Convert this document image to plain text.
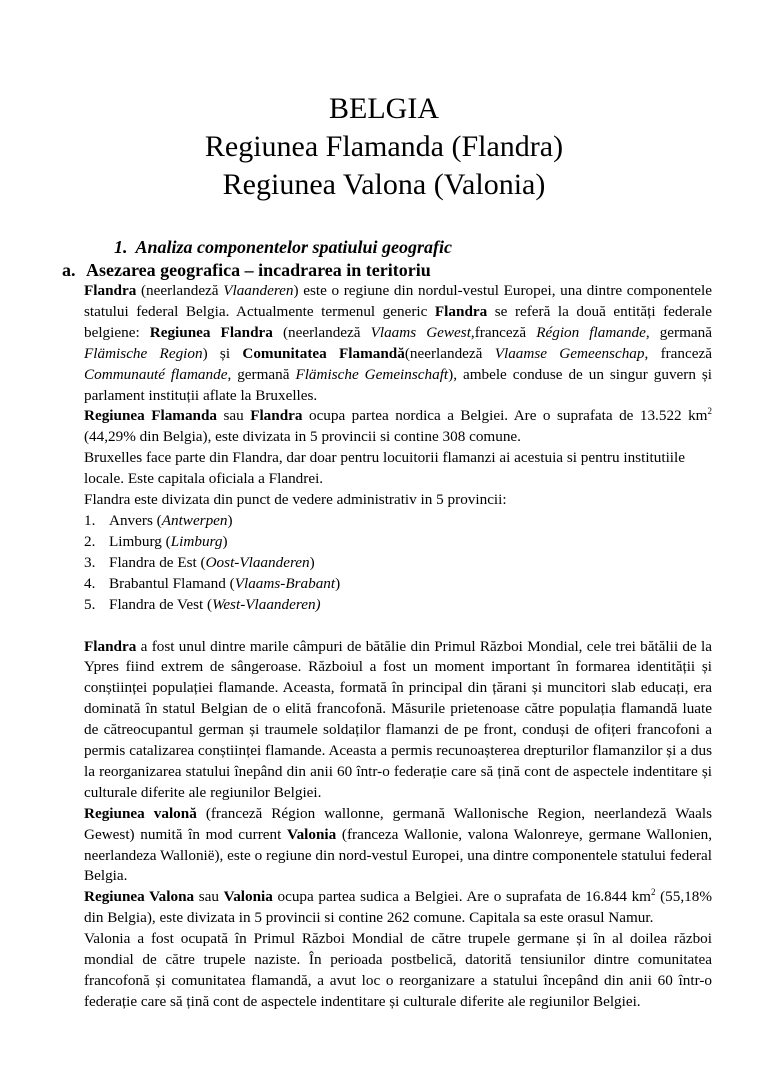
BELGIA
Regiunea Flamanda (Flandra)
Regiunea Valona (Valonia)
1. Analiza componentelor spatiului geografic
a. Asezarea geografica – incadrarea in teritoriu

Flandra (neerlandeză Vlaanderen) este o regiune din nordul-vestul Europei, una dintre componentele statului federal Belgia. Actualmente termenul generic Flandra se referă la două entități federale belgiene: Regiunea Flandra (neerlandeză Vlaams Gewest,franceză Région flamande, germană Flämische Region) și Comunitatea Flamandă(neerlandeză Vlaamse Gemeenschap, franceză Communauté flamande, germană Flämische Gemeinschaft), ambele conduse de un singur guvern și parlament instituții aflate la Bruxelles.

Regiunea Flamanda sau Flandra ocupa partea nordica a Belgiei. Are o suprafata de 13.522 $km^2$ (44,29% din Belgia), este divizata in 5 provincii si contine 308 comune.

Bruxelles face parte din Flandra, dar doar pentru locuitorii flamanzi ai acestuia si pentru institutiile locale. Este capitala oficiala a Flandrei.

Flandra este divizata din punct de vedere administrativ in 5 provincii:

1. Anvers (Antwerpen)
2. Limburg (Limburg)
3. Flandra de Est (Oost-Vlaanderen)
4. Brabantul Flamand (Vlaams-Brabant)
5. Flandra de Vest (West-Vlaanderen)

Flandra a fost unul dintre marile câmpuri de bătălie din Primul Război Mondial, cele trei bătălii de la Ypres fiind extrem de sângeroase. Războiul a fost un moment important în formarea identității și conștiinței populației flamande. Aceasta, formată în principal din țărani și muncitori slab educați, era dominată în statul Belgian de o elită francofonă. Măsurile prietenoase către populația flamandă luate de cătreocupantul german și traumele soldaților flamanzi de pe front, conduși de ofițeri francofoni a permis catalizarea conștiinței flamande. Aceasta a permis recunoașterea drepturilor flamanzilor și a dus la reorganizarea statului înepând din anii 60 într-o federație care să țină cont de aspectele indentitare și culturale diferite ale regiunilor Belgiei.

Regiunea valonă (franceză Région wallonne, germană Wallonische Region, neerlandeză Waals Gewest) numită în mod current Valonia (franceza Wallonie, valona Walonreye, germane Wallonien, neerlandeza Wallonië), este o regiune din nord-vestul Europei, una dintre componentele statului federal Belgia.

Regiunea Valona sau Valonia ocupa partea sudica a Belgiei. Are o suprafata de 16.844 $km^2$ (55,18% din Belgia), este divizata in 5 provincii si contine 262 comune. Capitala sa este orasul Namur.

Valonia a fost ocupată în Primul Război Mondial de către trupele germane și în al doilea război mondial de către trupele naziste. În perioada postbelică, datorită tensiunilor dintre comunitatea francofonă și comunitatea flamandă, a avut loc o reorganizare a statului începând din anii 60 într-o federație care să țină cont de aspectele indentitare și culturale diferite ale regiunilor Belgiei.
